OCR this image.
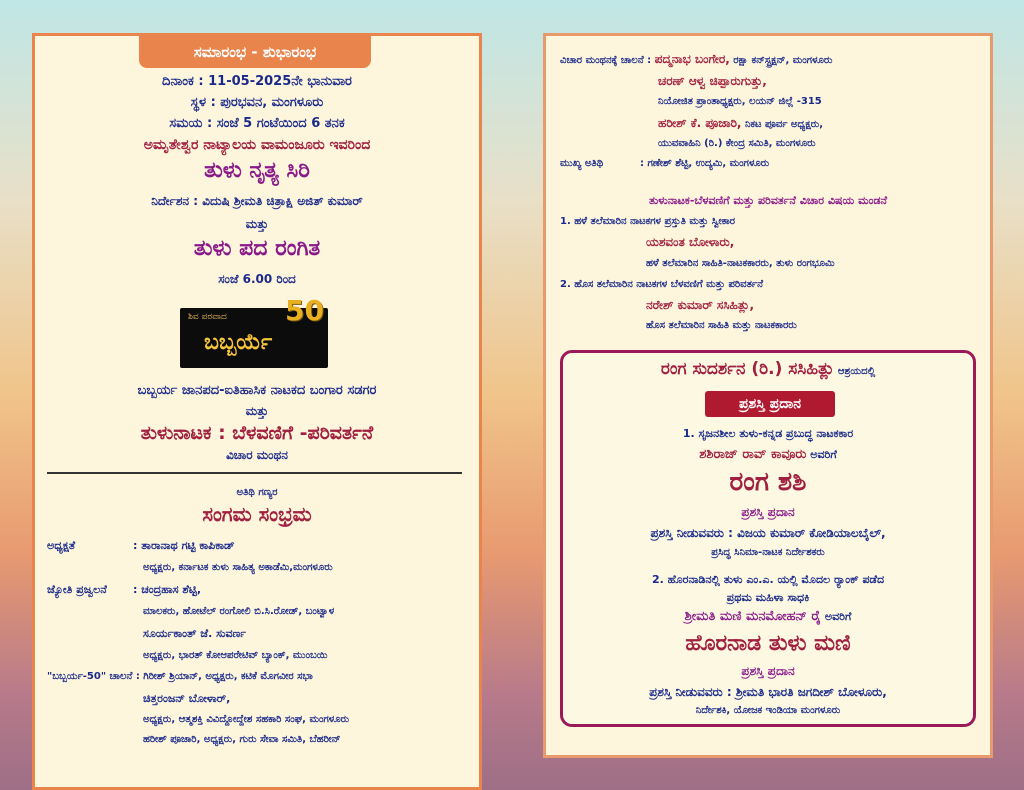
ಸಮಾರಂಭ - ಶುಭಾರಂಭ
ದಿನಾಂಕ : 11-05-2025ನೇ ಭಾನುವಾರ
ಸ್ಥಳ : ಪುರಭವನ, ಮಂಗಳೂರು
ಸಮಯ : ಸಂಜೆ 5 ಗಂಟೆಯಿಂದ 6 ತನಕ
ಅಮೃತೇಶ್ವರ ನಾಟ್ಯಾಲಯ ವಾಮಂಜೂರು ಇವರಿಂದ
ತುಳು ನೃತ್ಯ ಸಿರಿ
ನಿರ್ದೇಶನ : ವಿದುಷಿ ಶ್ರೀಮತಿ ಚಿತ್ರಾಕ್ಷಿ ಅಜಿತ್ ಕುಮಾರ್
ಮತ್ತು
ತುಳು ಪದ ರಂಗಿತ
ಸಂಜೆ 6.00 ರಿಂದ
ಶಿವ ಪರವಾದ
ಬಬ್ಬರ್ಯೆ
50
ಬಬ್ಬರ್ಯ ಜಾನಪದ-ಐತಿಹಾಸಿಕ ನಾಟಕದ ಬಂಗಾರ ಸಡಗರ
ಮತ್ತು
ತುಳುನಾಟಕ : ಬೆಳವಣಿಗೆ -ಪರಿವರ್ತನೆ
ವಿಚಾರ ಮಂಥನ
ಅತಿಥಿ ಗಣ್ಯರ
ಸಂಗಮ ಸಂಭ್ರಮ
ಅಧ್ಯಕ್ಷತೆ	: ತಾರಾನಾಥ ಗಟ್ಟಿ ಕಾಪಿಕಾಡ್
ಅಧ್ಯಕ್ಷರು, ಕರ್ನಾಟಕ ತುಳು ಸಾಹಿತ್ಯ ಅಕಾಡೆಮಿ,ಮಂಗಳೂರು
ಜ್ಯೋತಿ ಪ್ರಜ್ವಲನೆ : ಚಂದ್ರಹಾಸ ಶೆಟ್ಟಿ,
ಮಾಲಕರು, ಹೋಟೆಲ್ ರಂಗೋಲಿ ಬಿ.ಸಿ.ರೋಡ್, ಬಂಟ್ವಾಳ
ಸೂರ್ಯಕಾಂತ್ ಜೆ. ಸುವರ್ಣ
ಅಧ್ಯಕ್ಷರು, ಭಾರತ್ ಕೋಆಪರೇಟಿವ್ ಬ್ಯಾಂಕ್, ಮುಂಬಯಿ
"ಬಬ್ಬರ್ಯ-50" ಚಾಲನೆ : ಗಿರೀಶ್ ಶ್ರಿಯಾನ್, ಅಧ್ಯಕ್ಷರು, ಕಟಿಕೆ ಮೊಗವೀರ ಸಭಾ
ಚಿತ್ತರಂಜನ್ ಬೋಳಾರ್,
ಅಧ್ಯಕ್ಷರು, ಆತ್ಮಶಕ್ತಿ ವಿವಿದ್ದೋದ್ದೇಶ ಸಹಕಾರಿ ಸಂಘ, ಮಂಗಳೂರು
ಹರೀಶ್ ಪೂಜಾರಿ, ಅಧ್ಯಕ್ಷರು, ಗುರು ಸೇವಾ ಸಮಿತಿ, ಬೆಹರೀನ್
ವಿಚಾರ ಮಂಥನಕ್ಕೆ ಚಾಲನೆ : ಪದ್ಮನಾಭ ಬಂಗೇರ, ರಕ್ಷಾ ಕನ್‌ಸ್ಟ್ರಕ್ಷನ್, ಮಂಗಳೂರು
ಚರಣ್ ಆಳ್ವ ಚಿಪ್ಪಾರುಗುತ್ತು,
ನಿಯೋಜಿತ ಪ್ರಾಂತಾಧ್ಯಕ್ಷರು, ಲಯನ್ ಜಿಲ್ಲೆ -315
ಹರೀಶ್ ಕೆ. ಪೂಜಾರಿ, ನಿಕಟ ಪೂರ್ವ ಅಧ್ಯಕ್ಷರು,
ಯುವವಾಹಿನಿ (ರಿ.) ಕೇಂದ್ರ ಸಮಿತಿ, ಮಂಗಳೂರು
ಮುಖ್ಯ ಅತಿಥಿ	: ಗಣೇಶ್ ಶೆಟ್ಟಿ, ಉದ್ಯಮಿ, ಮಂಗಳೂರು
ತುಳುನಾಟಕ-ಬೆಳವಣಿಗೆ ಮತ್ತು ಪರಿವರ್ತನೆ ವಿಚಾರ ವಿಷಯ ಮಂಡನೆ
1. ಹಳೆ ತಲೆಮಾರಿನ ನಾಟಕಗಳ ಪ್ರಸ್ತುತಿ ಮತ್ತು ಸ್ವೀಕಾರ
ಯಶವಂತ ಬೋಳಾರು,
ಹಳೆ ತಲೆಮಾರಿನ ಸಾಹಿತಿ-ನಾಟಕಕಾರರು, ತುಳು ರಂಗಭೂಮಿ
2. ಹೊಸ ತಲೆಮಾರಿನ ನಾಟಕಗಳ ಬೆಳವಣಿಗೆ ಮತ್ತು ಪರಿವರ್ತನೆ
ನರೇಶ್ ಕುಮಾರ್ ಸಸಿಹಿತ್ಲು,
ಹೊಸ ತಲೆಮಾರಿನ ಸಾಹಿತಿ ಮತ್ತು ನಾಟಕಕಾರರು
ರಂಗ ಸುದರ್ಶನ (ರಿ.) ಸಸಿಹಿತ್ಲು ಆಶ್ರಯದಲ್ಲಿ
ಪ್ರಶಸ್ತಿ ಪ್ರದಾನ
1. ಸೃಜನಶೀಲ ತುಳು-ಕನ್ನಡ ಪ್ರಬುದ್ಧ ನಾಟಕಕಾರ
ಶಶಿರಾಜ್ ರಾವ್ ಕಾವೂರು ಅವರಿಗೆ
ರಂಗ ಶಶಿ
ಪ್ರಶಸ್ತಿ ಪ್ರದಾನ
ಪ್ರಶಸ್ತಿ ನೀಡುವವರು : ವಿಜಯ ಕುಮಾರ್ ಕೋಡಿಯಾಲಬೈಲ್,
ಪ್ರಸಿದ್ಧ ಸಿನಿಮಾ-ನಾಟಕ ನಿರ್ದೇಶಕರು
2. ಹೊರನಾಡಿನಲ್ಲಿ ತುಳು ಎಂ.ಎ. ಯಲ್ಲಿ ಮೊದಲ ರ್‍ಯಾಂಕ್ ಪಡೆದ
ಪ್ರಥಮ ಮಹಿಳಾ ಸಾಧಕಿ
ಶ್ರೀಮತಿ ಮಣಿ ಮನಮೋಹನ್ ರೈ ಅವರಿಗೆ
ಹೊರನಾಡ ತುಳು ಮಣಿ
ಪ್ರಶಸ್ತಿ ಪ್ರದಾನ
ಪ್ರಶಸ್ತಿ ನೀಡುವವರು : ಶ್ರೀಮತಿ ಭಾರತಿ ಜಗದೀಶ್ ಬೋಳೂರು,
ನಿರ್ದೇಶಕಿ, ಯೋಜಕ ಇಂಡಿಯಾ ಮಂಗಳೂರು
